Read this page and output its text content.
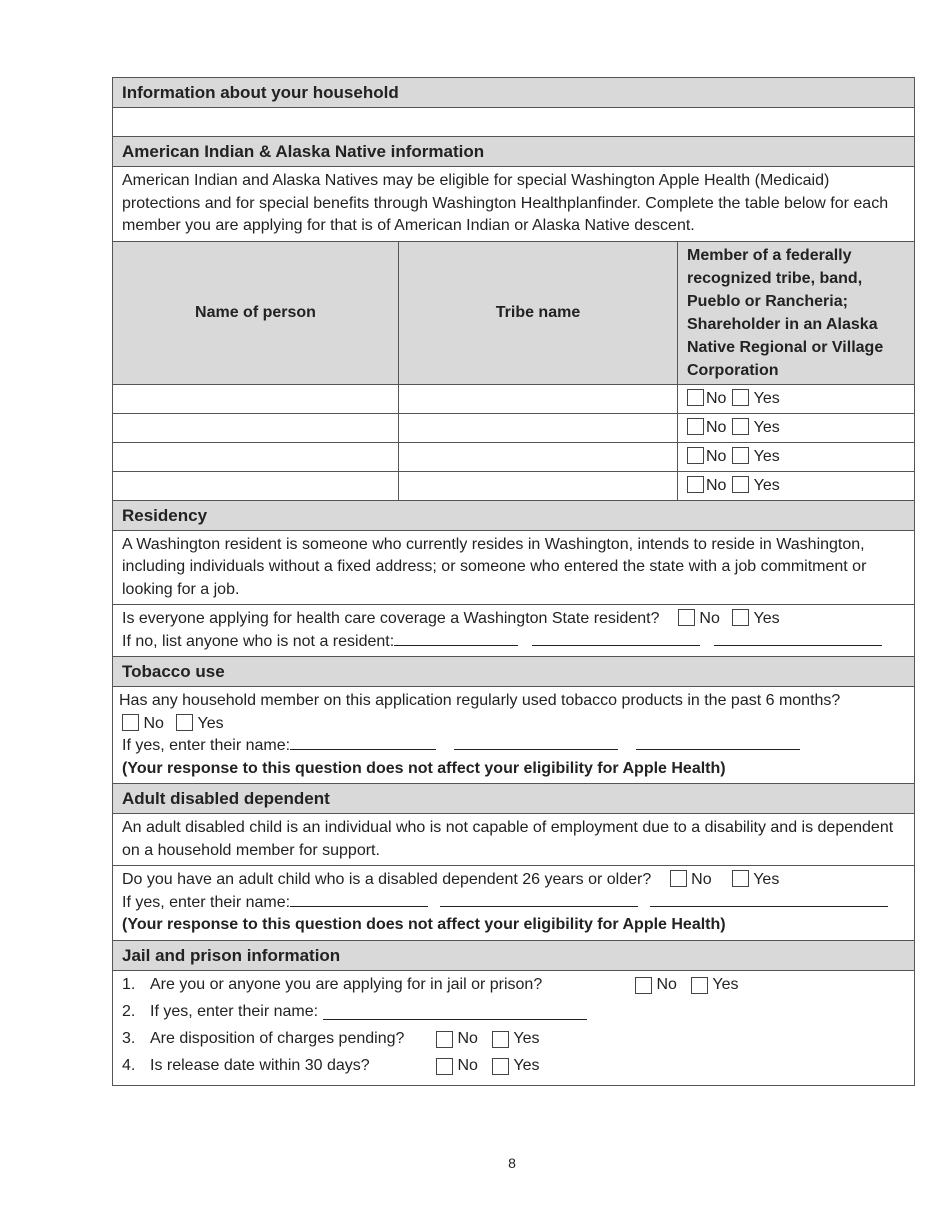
Information about your household
American Indian & Alaska Native information
American Indian and Alaska Natives may be eligible for special Washington Apple Health (Medicaid) protections and for special benefits through Washington Healthplanfinder. Complete the table below for each member you are applying for that is of American Indian or Alaska Native descent.
Name of person	Tribe name	Member of a federally recognized tribe, band, Pueblo or Rancheria; Shareholder in an Alaska Native Regional or Village Corporation
		No Yes
		No Yes
		No Yes
		No Yes
Residency
A Washington resident is someone who currently resides in Washington, intends to reside in Washington, including individuals without a fixed address; or someone who entered the state with a job commitment or looking for a job.
Is everyone applying for health care coverage a Washington State resident? No Yes
If no, list anyone who is not a resident:
Tobacco use
Has any household member on this application regularly used tobacco products in the past 6 months?
No Yes
If yes, enter their name:
(Your response to this question does not affect your eligibility for Apple Health)
Adult disabled dependent
An adult disabled child is an individual who is not capable of employment due to a disability and is dependent on a household member for support.
Do you have an adult child who is a disabled dependent 26 years or older? No	Yes
If yes, enter their name:
(Your response to this question does not affect your eligibility for Apple Health)
Jail and prison information
1. Are you or anyone you are applying for in jail or prison?
	No
Yes
2. If yes, enter their name:

3. Are disposition of charges pending?
	No
Yes
4. Is release date within 30 days?
	No
Yes
8
